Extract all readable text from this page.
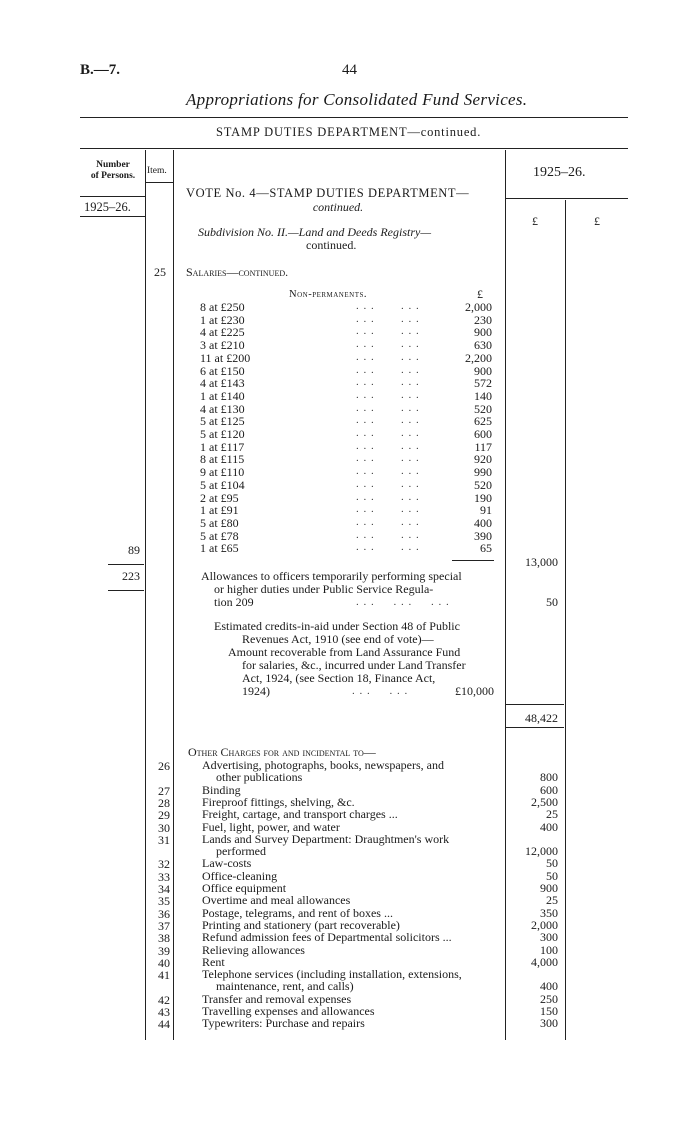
B.—7.	44
Appropriations for Consolidated Fund Services.
STAMP DUTIES DEPARTMENT—continued.
Number
of Persons.	Item.	1925–26.
1925–26.
£	£
VOTE No. 4—STAMP DUTIES DEPARTMENT—
continued.
Subdivision No. II.—Land and Deeds Registry—
continued.
25 Salaries—continued.
Non-permanents.	£
8 at £250	. . .       . . .	2,000
1 at £230	. . .       . . .	230
4 at £225	. . .       . . .	900
3 at £210	. . .       . . .	630
11 at £200	. . .       . . .	2,200
6 at £150	. . .       . . .	900
4 at £143	. . .       . . .	572
1 at £140	. . .       . . .	140
4 at £130	. . .       . . .	520
5 at £125	. . .       . . .	625
5 at £120	. . .       . . .	600
1 at £117	. . .       . . .	117
8 at £115	. . .       . . .	920
9 at £110	. . .       . . .	990
5 at £104	. . .       . . .	520
2 at £95	. . .       . . .	190
1 at £91	. . .       . . .	91
5 at £80	. . .       . . .	400
5 at £78	. . .       . . .	390
1 at £65	. . .       . . .	65
89
13,000
223	Allowances to officers temporarily performing special
or higher duties under Public Service Regula-
tion 209	. . .     . . .     . . .	50
Estimated credits-in-aid under Section 48 of Public
Revenues Act, 1910 (see end of vote)—
Amount recoverable from Land Assurance Fund
for salaries, &c., incurred under Land Transfer
Act, 1924, (see Section 18, Finance Act,
1924)	. . .     . . .	£10,000
48,422
Other Charges for and incidental to—
26	Advertising, photographs, books, newspapers, and
other publications	800
27	Binding	600
28	Fireproof fittings, shelving, &c.	2,500
29	Freight, cartage, and transport charges ...	25
30	Fuel, light, power, and water	400
31	Lands and Survey Department: Draughtmen's work
performed	12,000
32	Law-costs	50
33	Office-cleaning	50
34	Office equipment	900
35	Overtime and meal allowances	25
36	Postage, telegrams, and rent of boxes ...	350
37	Printing and stationery (part recoverable)	2,000
38	Refund admission fees of Departmental solicitors ...	300
39	Relieving allowances	100
40	Rent	4,000
41	Telephone services (including installation, extensions,
maintenance, rent, and calls)	400
42	Transfer and removal expenses	250
43	Travelling expenses and allowances	150
44	Typewriters: Purchase and repairs	300
